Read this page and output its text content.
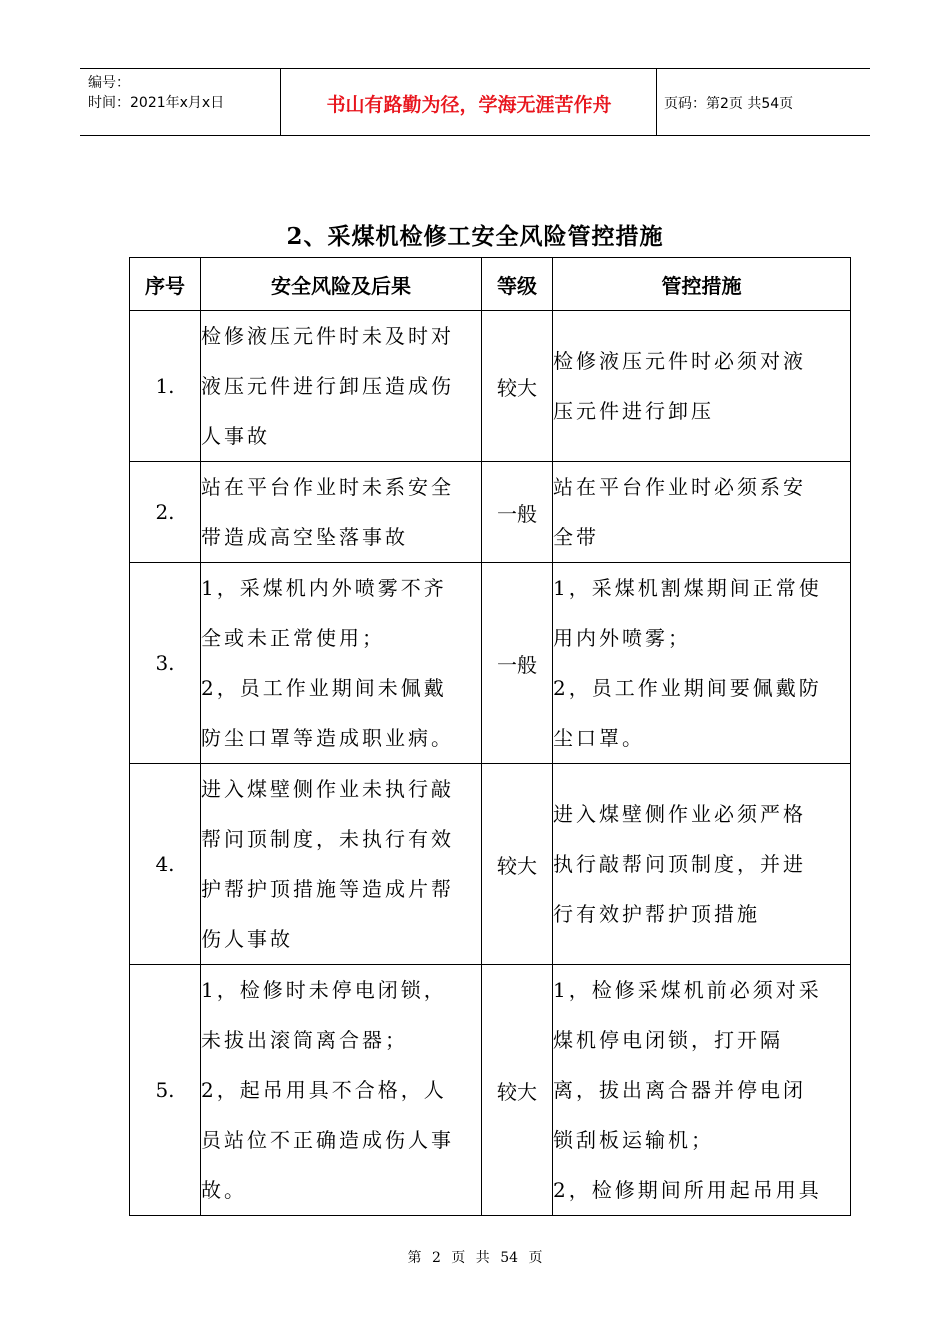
编号：
时间：2021年x月x日	书山有路勤为径，学海无涯苦作舟	页码：第2页 共54页
2、采煤机检修工安全风险管控措施
序号	安全风险及后果	等级	管控措施
1.	检修液压元件时未及时对
液压元件进行卸压造成伤
人事故	较大	检修液压元件时必须对液
压元件进行卸压

2.	站在平台作业时未系安全
带造成高空坠落事故	一般	站在平台作业时必须系安
全带

3.	1，采煤机内外喷雾不齐
全或未正常使用；
2，员工作业期间未佩戴
防尘口罩等造成职业病。	一般	1，采煤机割煤期间正常使
用内外喷雾；
2，员工作业期间要佩戴防
尘口罩。

4.	进入煤壁侧作业未执行敲
帮问顶制度，未执行有效
护帮护顶措施等造成片帮
伤人事故	较大	进入煤壁侧作业必须严格
执行敲帮问顶制度，并进
行有效护帮护顶措施

5.	1，检修时未停电闭锁，
未拔出滚筒离合器；
2，起吊用具不合格，人
员站位不正确造成伤人事
故。	较大	1，检修采煤机前必须对采
煤机停电闭锁，打开隔
离，拔出离合器并停电闭
锁刮板运输机；
2，检修期间所用起吊用具
第 2 页 共 54 页
